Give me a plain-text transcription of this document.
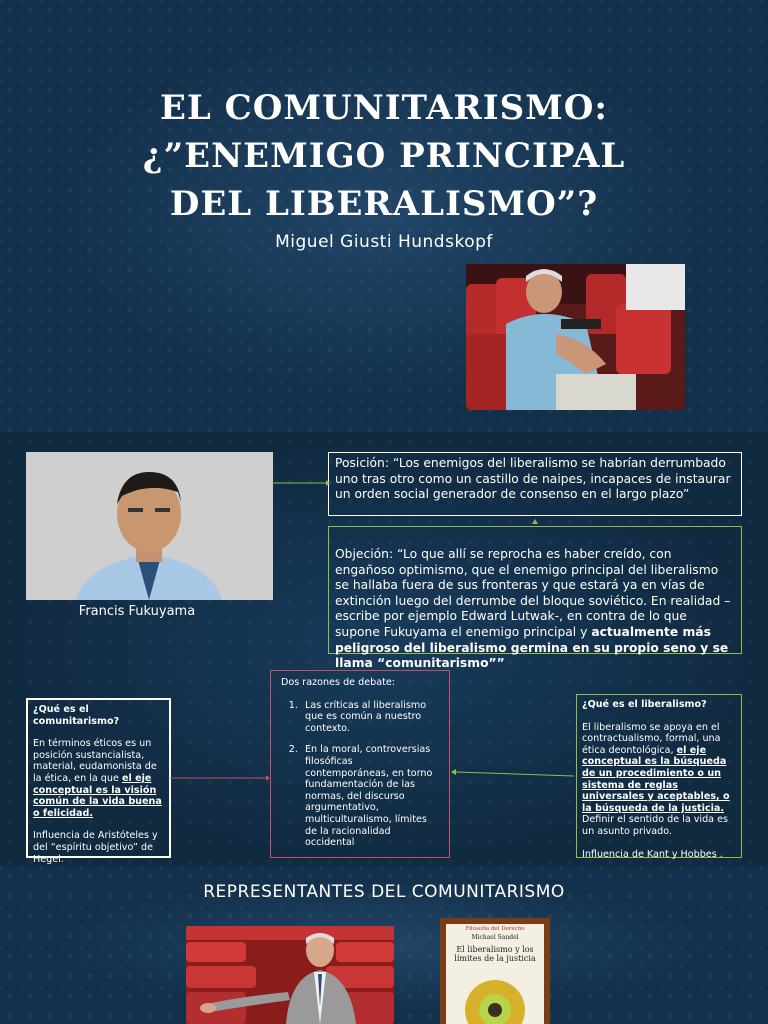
EL COMUNITARISMO:
¿”ENEMIGO PRINCIPAL
DEL LIBERALISMO”?
Miguel Giusti Hundskopf
Francis Fukuyama
Posición: “Los enemigos del liberalismo se habrían derrumbado uno tras otro como un castillo de naipes, incapaces de instaurar un orden social generador de consenso en el largo plazo”
Objeción: “Lo que allí se reprocha es haber creído, con engañoso optimismo, que el enemigo principal del liberalismo se hallaba fuera de sus fronteras y que estará ya en vías de extinción luego del derrumbe del bloque soviético. En realidad –escribe por ejemplo Edward Lutwak-, en contra de lo que supone Fukuyama el enemigo principal y actualmente más peligroso del liberalismo germina en su propio seno y se llama “comunitarismo””
¿Qué es el comunitarismo?
En términos éticos es un posición sustancialista, material, eudamonista de la ética, en la que el eje conceptual es la visión común de la vida buena o felicidad.
Influencia de Aristóteles y del “espíritu objetivo” de Hegel.
Dos razones de debate:
1. Las críticas al liberalismo que es común a nuestro contexto.
2. En la moral, controversias filosóficas contemporáneas, en torno fundamentación de las normas, del discurso argumentativo, multiculturalismo, límites de la racionalidad occidental
¿Qué es el liberalismo?
El liberalismo se apoya en el contractualismo, formal, una ética deontológica, el eje conceptual es la búsqueda de un procedimiento o un sistema de reglas universales y aceptables, o la búsqueda de la justicia. Definir el sentido de la vida es un asunto privado.
Influencia de Kant y Hobbes .
REPRESENTANTES DEL COMUNITARISMO
Filosofía del Derecho
Michael Sandel
El liberalismo y los límites de la justicia
